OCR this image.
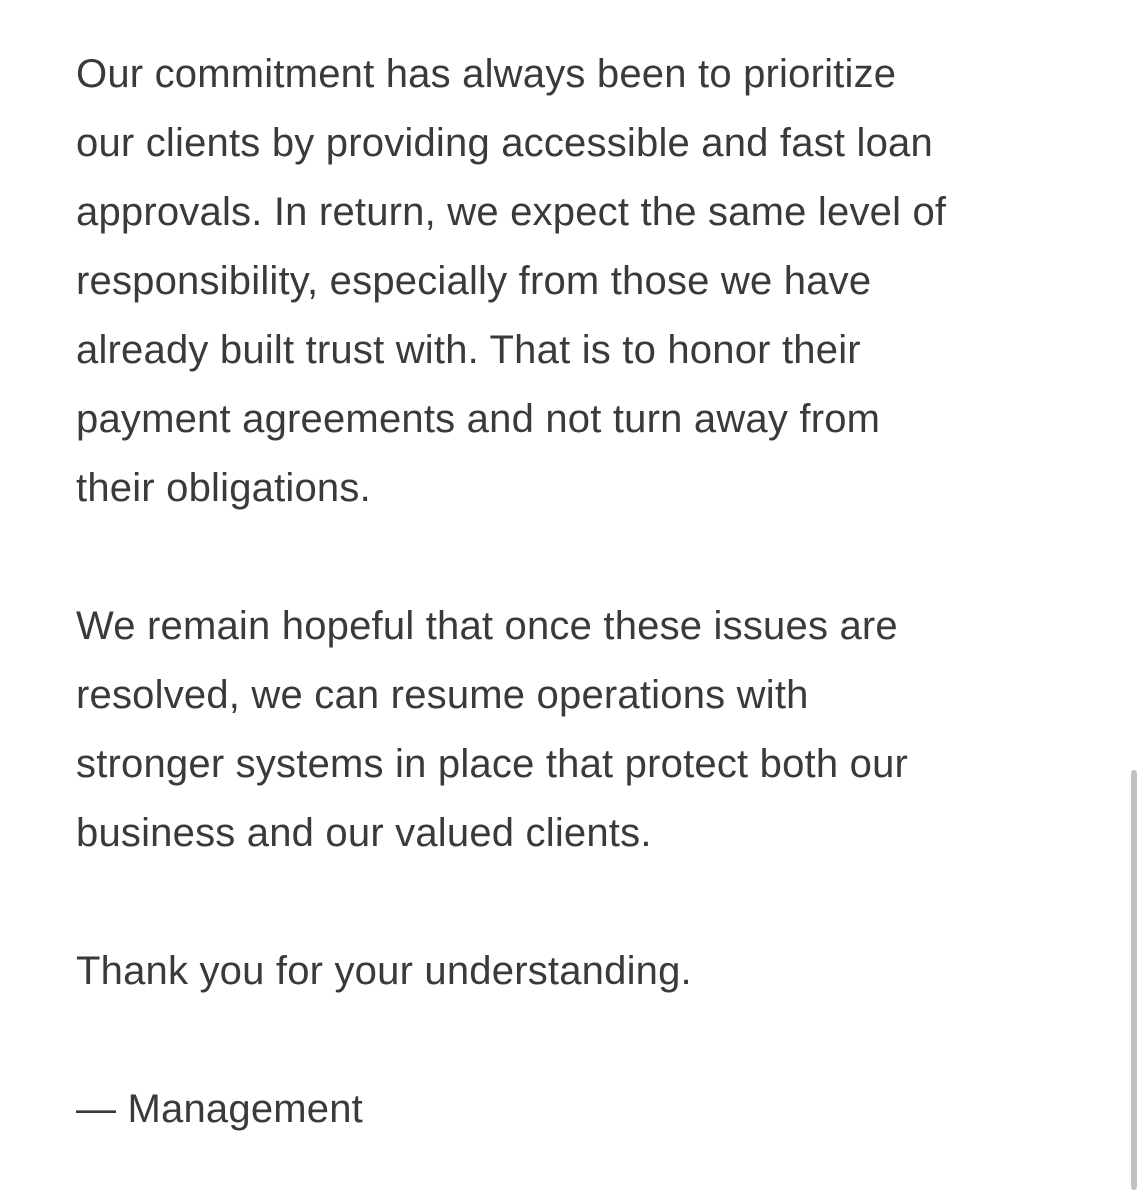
Our commitment has always been to prioritize
our clients by providing accessible and fast loan
approvals. In return, we expect the same level of
responsibility, especially from those we have
already built trust with. That is to honor their
payment agreements and not turn away from
their obligations.
We remain hopeful that once these issues are
resolved, we can resume operations with
stronger systems in place that protect both our
business and our valued clients.
Thank you for your understanding.
— Management
